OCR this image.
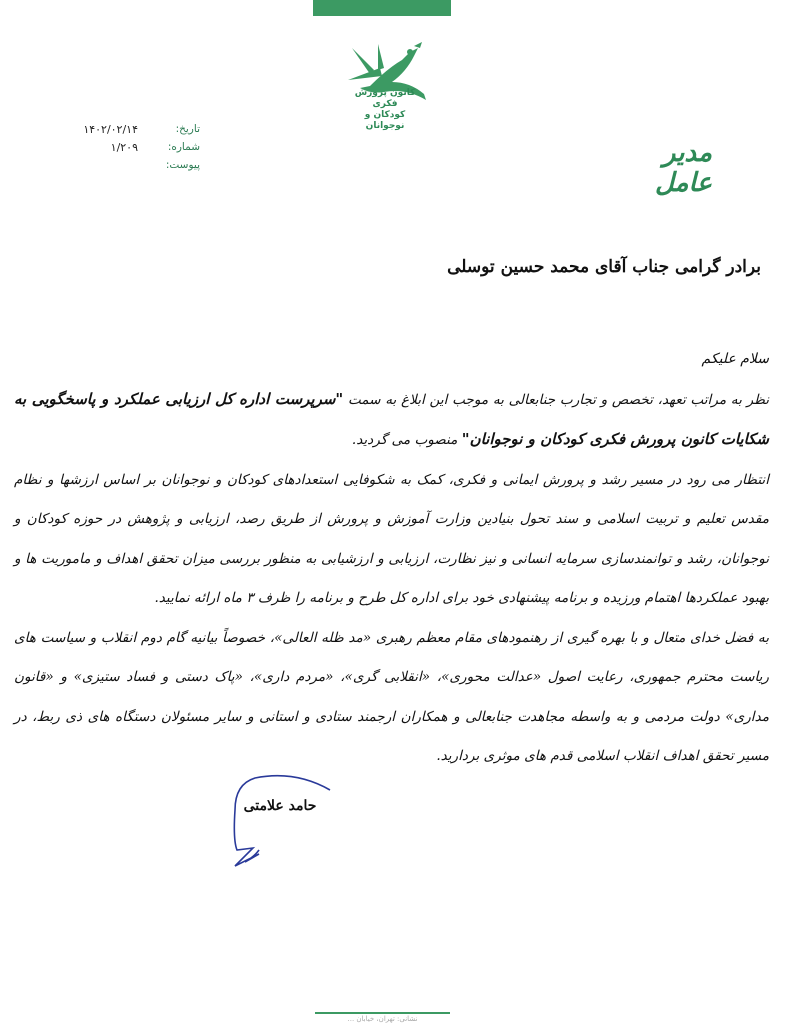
کانون پرورش فکری
کودکان و نوجوانان
تاریخ:
۱۴۰۲/۰۲/۱۴
شماره:
۱/۲۰۹
پیوست:	مدیر عامل
برادر گرامی جناب آقای محمد حسین توسلی

سلام علیکم

نظر به مراتب تعهد، تخصص و تجارب جنابعالی به موجب این ابلاغ به سمت "سرپرست اداره کل ارزیابی عملکرد و پاسخگویی به شکایات کانون پرورش فکری کودکان و نوجوانان" منصوب می گردید.

انتظار می رود در مسیر رشد و پرورش ایمانی و فکری، کمک به شکوفایی استعدادهای کودکان و نوجوانان بر اساس ارزشها و نظام مقدس تعلیم و تربیت اسلامی و سند تحول بنیادین وزارت آموزش و پرورش از طریق رصد، ارزیابی و پژوهش در حوزه کودکان و نوجوانان، رشد و توانمندسازی سرمایه انسانی و نیز نظارت، ارزیابی و ارزشیابی به منظور بررسی میزان تحقق اهداف و ماموریت ها و بهبود عملکردها اهتمام ورزیده و برنامه پیشنهادی خود برای اداره کل طرح و برنامه را ظرف ۳ ماه ارائه نمایید.

به فضل خدای متعال و با بهره گیری از رهنمودهای مقام معظم رهبری «مد ظله العالی»، خصوصاً بیانیه گام دوم انقلاب و سیاست های ریاست محترم جمهوری، رعایت اصول «عدالت محوری»، «انقلابی گری»، «مردم داری»، «پاک دستی و فساد ستیزی» و «قانون مداری» دولت مردمی و به واسطه مجاهدت جنابعالی و همکاران ارجمند ستادی و استانی و سایر مسئولان دستگاه های ذی ربط، در مسیر تحقق اهداف انقلاب اسلامی قدم های موثری بردارید.

حامد علامتی
نشانی: تهران، خیابان ...
